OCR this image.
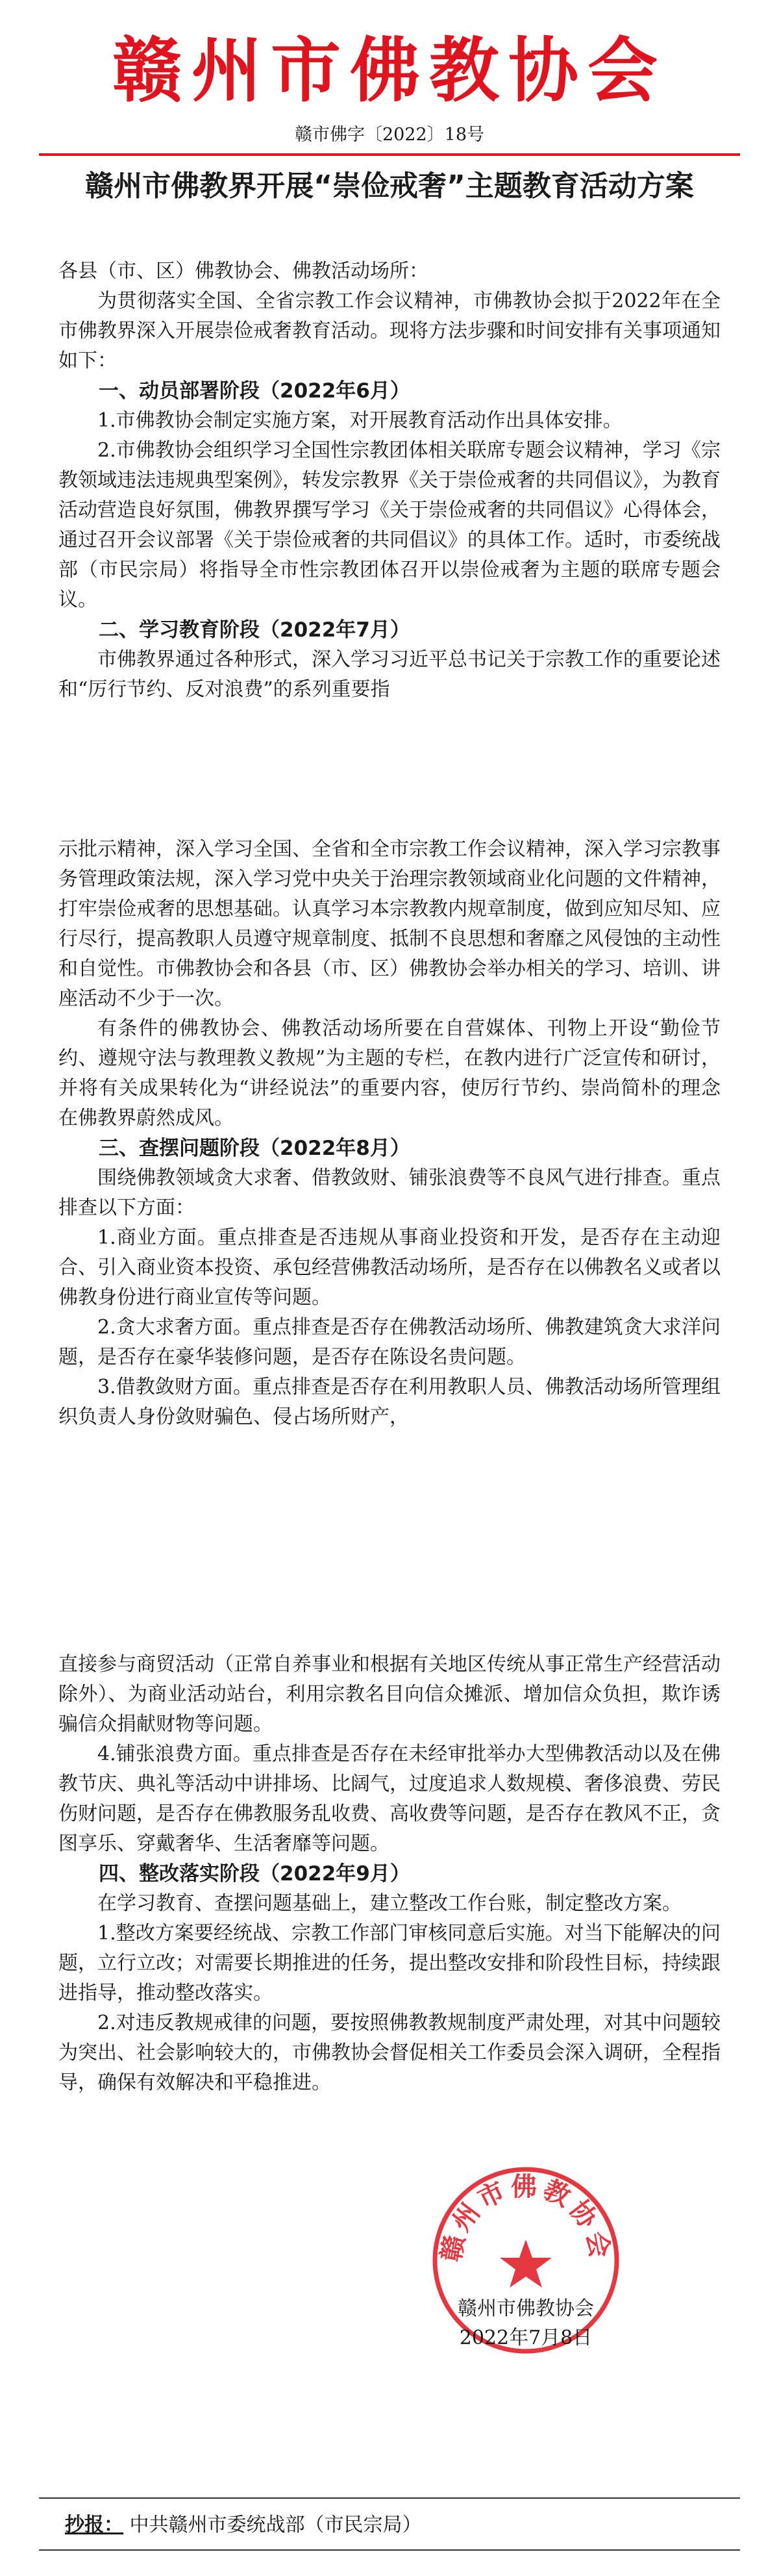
赣州市佛教协会
赣市佛字〔2022〕18号
赣州市佛教界开展“崇俭戒奢”主题教育活动方案

各县（市、区）佛教协会、佛教活动场所：

为贯彻落实全国、全省宗教工作会议精神，市佛教协会拟于2022年在全市佛教界深入开展崇俭戒奢教育活动。现将方法步骤和时间安排有关事项通知如下：

一、动员部署阶段（2022年6月）

1.市佛教协会制定实施方案，对开展教育活动作出具体安排。

2.市佛教协会组织学习全国性宗教团体相关联席专题会议精神，学习《宗教领域违法违规典型案例》，转发宗教界《关于崇俭戒奢的共同倡议》，为教育活动营造良好氛围，佛教界撰写学习《关于崇俭戒奢的共同倡议》心得体会，通过召开会议部署《关于崇俭戒奢的共同倡议》的具体工作。适时，市委统战部（市民宗局）将指导全市性宗教团体召开以崇俭戒奢为主题的联席专题会议。

二、学习教育阶段（2022年7月）

市佛教界通过各种形式，深入学习习近平总书记关于宗教工作的重要论述和“厉行节约、反对浪费”的系列重要指

示批示精神，深入学习全国、全省和全市宗教工作会议精神，深入学习宗教事务管理政策法规，深入学习党中央关于治理宗教领域商业化问题的文件精神，打牢崇俭戒奢的思想基础。认真学习本宗教教内规章制度，做到应知尽知、应行尽行，提高教职人员遵守规章制度、抵制不良思想和奢靡之风侵蚀的主动性和自觉性。市佛教协会和各县（市、区）佛教协会举办相关的学习、培训、讲座活动不少于一次。

有条件的佛教协会、佛教活动场所要在自营媒体、刊物上开设“勤俭节约、遵规守法与教理教义教规”为主题的专栏，在教内进行广泛宣传和研讨，并将有关成果转化为“讲经说法”的重要内容，使厉行节约、崇尚简朴的理念在佛教界蔚然成风。

三、查摆问题阶段（2022年8月）

围绕佛教领域贪大求奢、借教敛财、铺张浪费等不良风气进行排查。重点排查以下方面：

1.商业方面。重点排查是否违规从事商业投资和开发，是否存在主动迎合、引入商业资本投资、承包经营佛教活动场所，是否存在以佛教名义或者以佛教身份进行商业宣传等问题。

2.贪大求奢方面。重点排查是否存在佛教活动场所、佛教建筑贪大求洋问题，是否存在豪华装修问题，是否存在陈设名贵问题。

3.借教敛财方面。重点排查是否存在利用教职人员、佛教活动场所管理组织负责人身份敛财骗色、侵占场所财产，

直接参与商贸活动（正常自养事业和根据有关地区传统从事正常生产经营活动除外）、为商业活动站台，利用宗教名目向信众摊派、增加信众负担，欺诈诱骗信众捐献财物等问题。

4.铺张浪费方面。重点排查是否存在未经审批举办大型佛教活动以及在佛教节庆、典礼等活动中讲排场、比阔气，过度追求人数规模、奢侈浪费、劳民伤财问题，是否存在佛教服务乱收费、高收费等问题，是否存在教风不正，贪图享乐、穿戴奢华、生活奢靡等问题。

四、整改落实阶段（2022年9月）

在学习教育、查摆问题基础上，建立整改工作台账，制定整改方案。

1.整改方案要经统战、宗教工作部门审核同意后实施。对当下能解决的问题，立行立改；对需要长期推进的任务，提出整改安排和阶段性目标，持续跟进指导，推动整改落实。

2.对违反教规戒律的问题，要按照佛教教规制度严肃处理，对其中问题较为突出、社会影响较大的，市佛教协会督促相关工作委员会深入调研，全程指导，确保有效解决和平稳推进。

赣州市佛教协会
赣州市佛教协会
2022年7月8日
抄报： 中共赣州市委统战部（市民宗局）
